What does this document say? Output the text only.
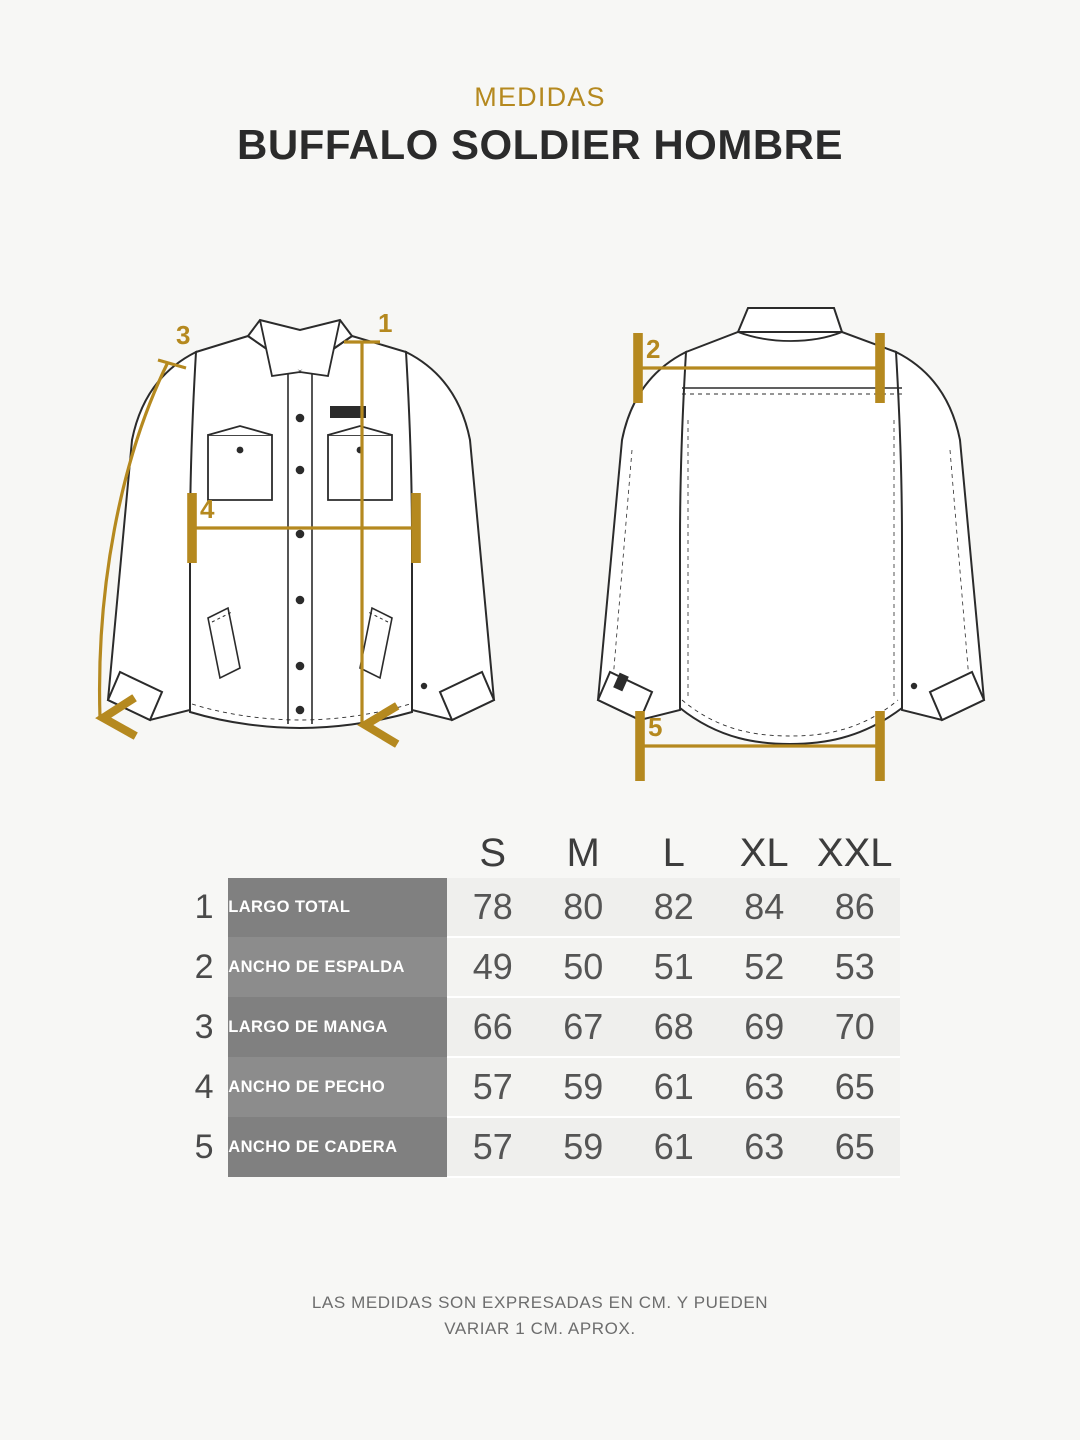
MEDIDAS

BUFFALO SOLDIER HOMBRE
1
3
4
2
5
		S	M	L	XL	XXL
1	LARGO TOTAL	78	80	82	84	86
2	ANCHO DE ESPALDA	49	50	51	52	53
3	LARGO DE MANGA	66	67	68	69	70
4	ANCHO DE PECHO	57	59	61	63	65
5	ANCHO DE CADERA	57	59	61	63	65
LAS MEDIDAS SON EXPRESADAS EN CM. Y PUEDEN
VARIAR 1 CM. APROX.
